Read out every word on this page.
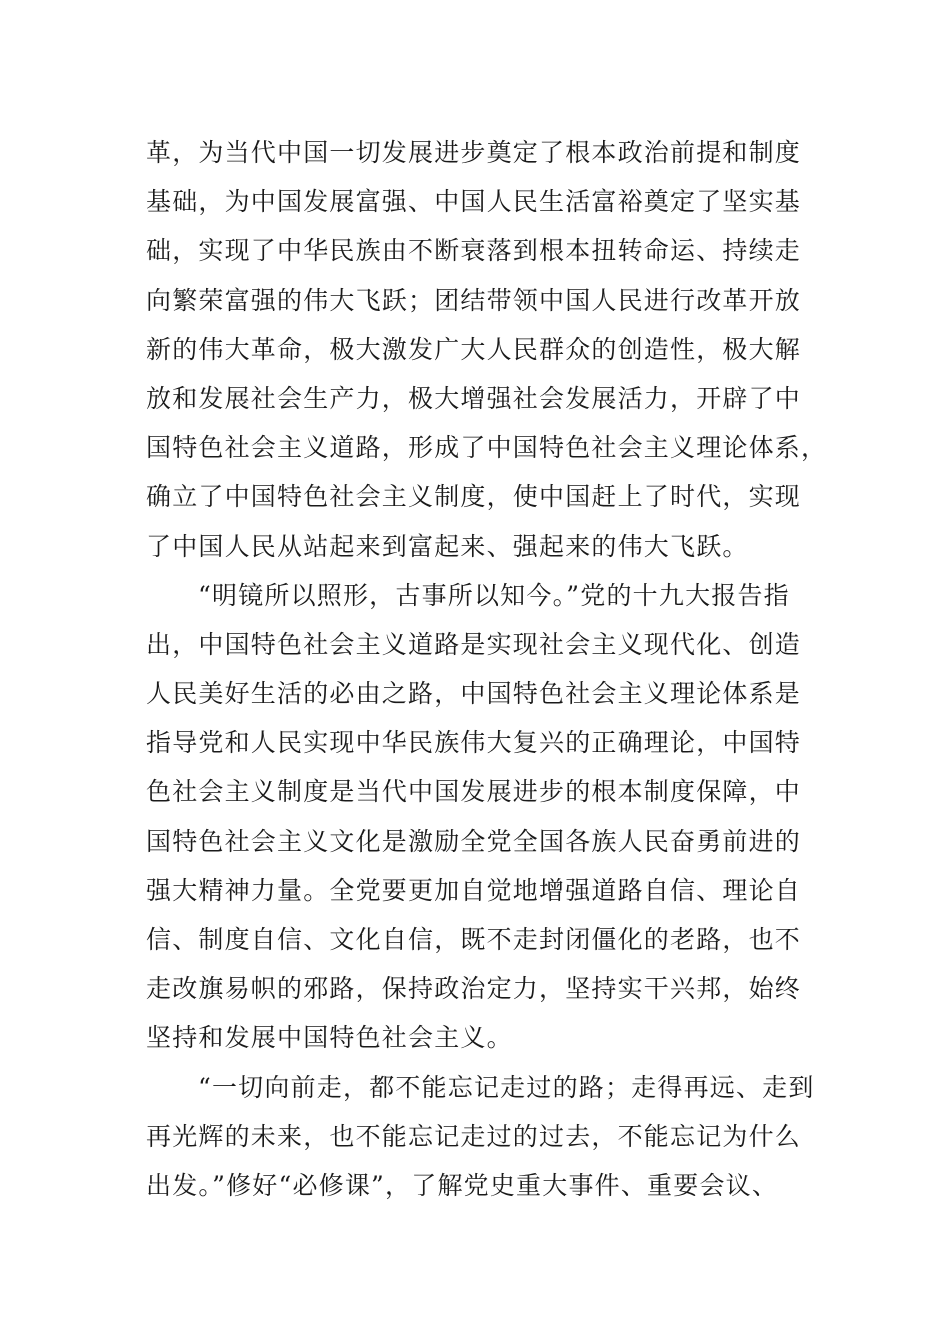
革，为当代中国一切发展进步奠定了根本政治前提和制度
基础，为中国发展富强、中国人民生活富裕奠定了坚实基
础，实现了中华民族由不断衰落到根本扭转命运、持续走
向繁荣富强的伟大飞跃；团结带领中国人民进行改革开放
新的伟大革命，极大激发广大人民群众的创造性，极大解
放和发展社会生产力，极大增强社会发展活力，开辟了中
国特色社会主义道路，形成了中国特色社会主义理论体系，
确立了中国特色社会主义制度，使中国赶上了时代，实现
了中国人民从站起来到富起来、强起来的伟大飞跃。
“明镜所以照形，古事所以知今。”党的十九大报告指
出，中国特色社会主义道路是实现社会主义现代化、创造
人民美好生活的必由之路，中国特色社会主义理论体系是
指导党和人民实现中华民族伟大复兴的正确理论，中国特
色社会主义制度是当代中国发展进步的根本制度保障，中
国特色社会主义文化是激励全党全国各族人民奋勇前进的
强大精神力量。全党要更加自觉地增强道路自信、理论自
信、制度自信、文化自信，既不走封闭僵化的老路，也不
走改旗易帜的邪路，保持政治定力，坚持实干兴邦，始终
坚持和发展中国特色社会主义。
“一切向前走，都不能忘记走过的路；走得再远、走到
再光辉的未来，也不能忘记走过的过去，不能忘记为什么
出发。”修好“必修课”，了解党史重大事件、重要会议、
